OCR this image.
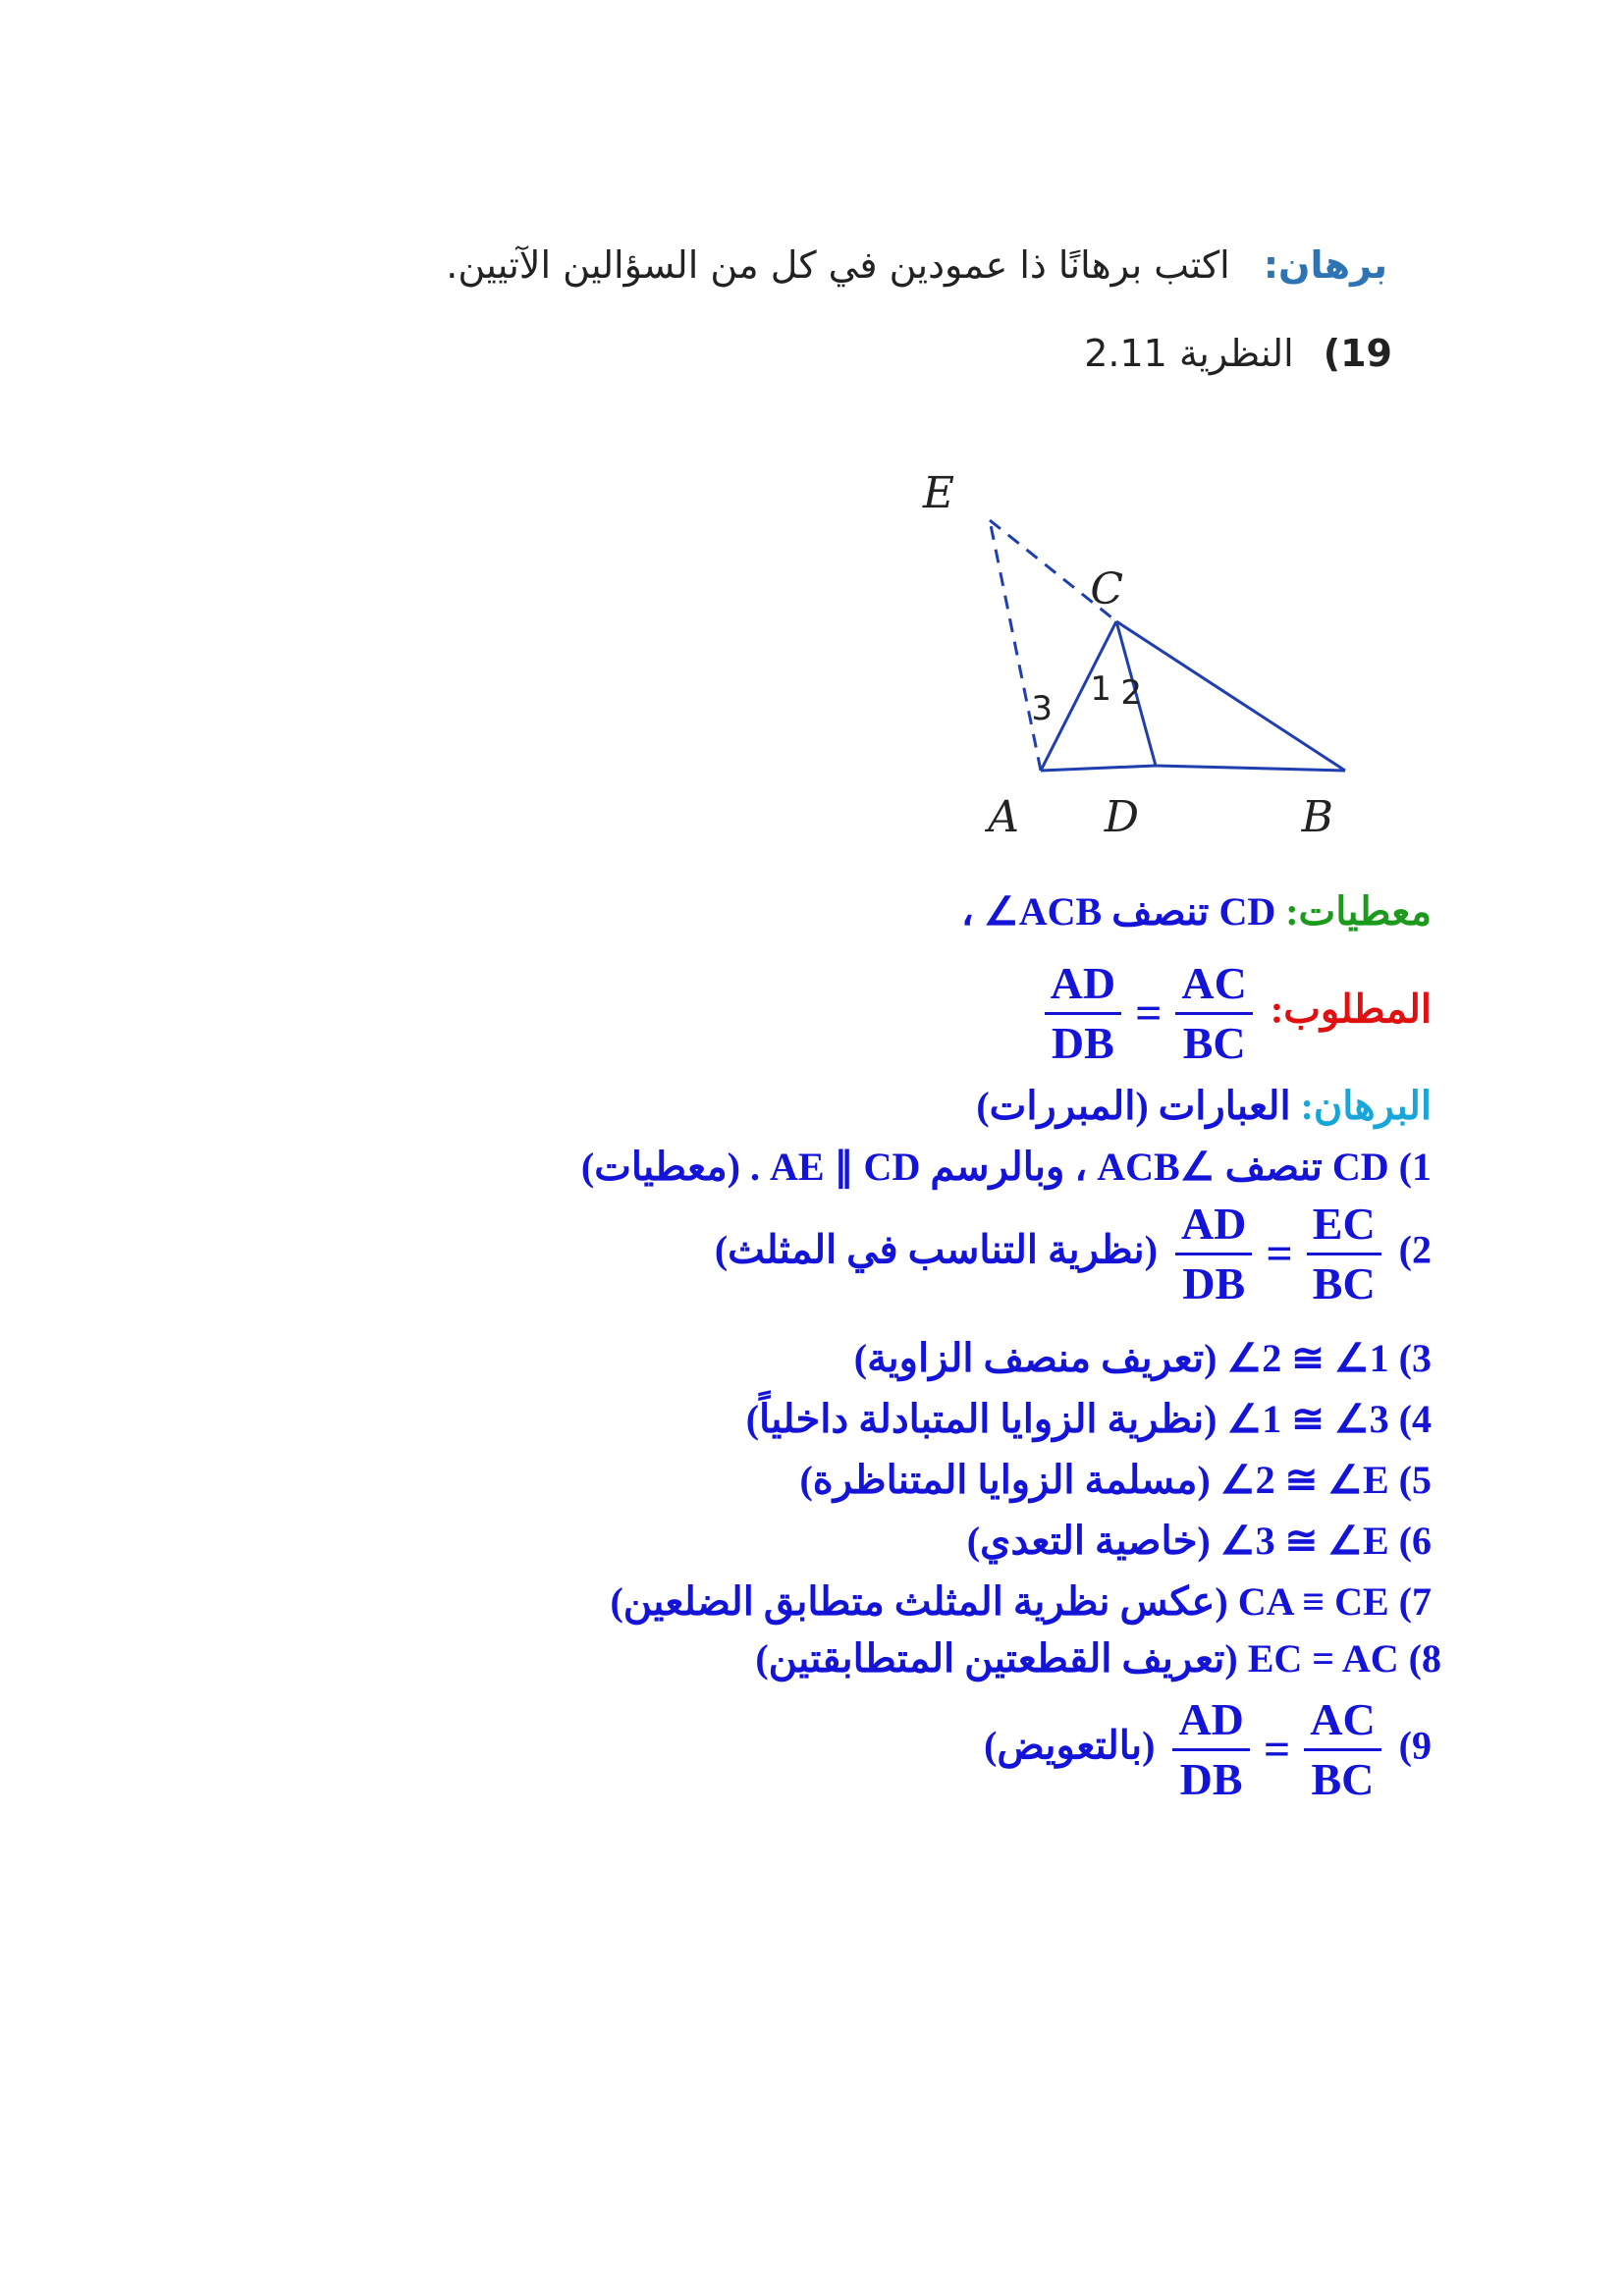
برهان: اكتب برهانًا ذا عمودين في كل من السؤالين الآتيين.
19) النظرية 2.11
E
C
A D	B
1 2
3
معطيات: CD تنصف ∠ACB ،
المطلوب:
$\frac{AD}{DB} = \frac{AC}{BC}$
البرهان: العبارات (المبررات)
1) CD تنصف ∠ACB ، وبالرسم AE ∥ CD . (معطيات)
2)
$\frac{AD}{DB} = \frac{EC}{BC}$
(نظرية التناسب في المثلث)
3) ∠2 ≅ ∠1 (تعريف منصف الزاوية)
4) ∠1 ≅ ∠3 (نظرية الزوايا المتبادلة داخلياً)
5) ∠2 ≅ ∠E (مسلمة الزوايا المتناظرة)
6) ∠3 ≅ ∠E (خاصية التعدي)
7) CA ≡ CE (عكس نظرية المثلث متطابق الضلعين)
8) EC = AC (تعريف القطعتين المتطابقتين)
9)
$\frac{AD}{DB} = \frac{AC}{BC}$
(بالتعويض)
